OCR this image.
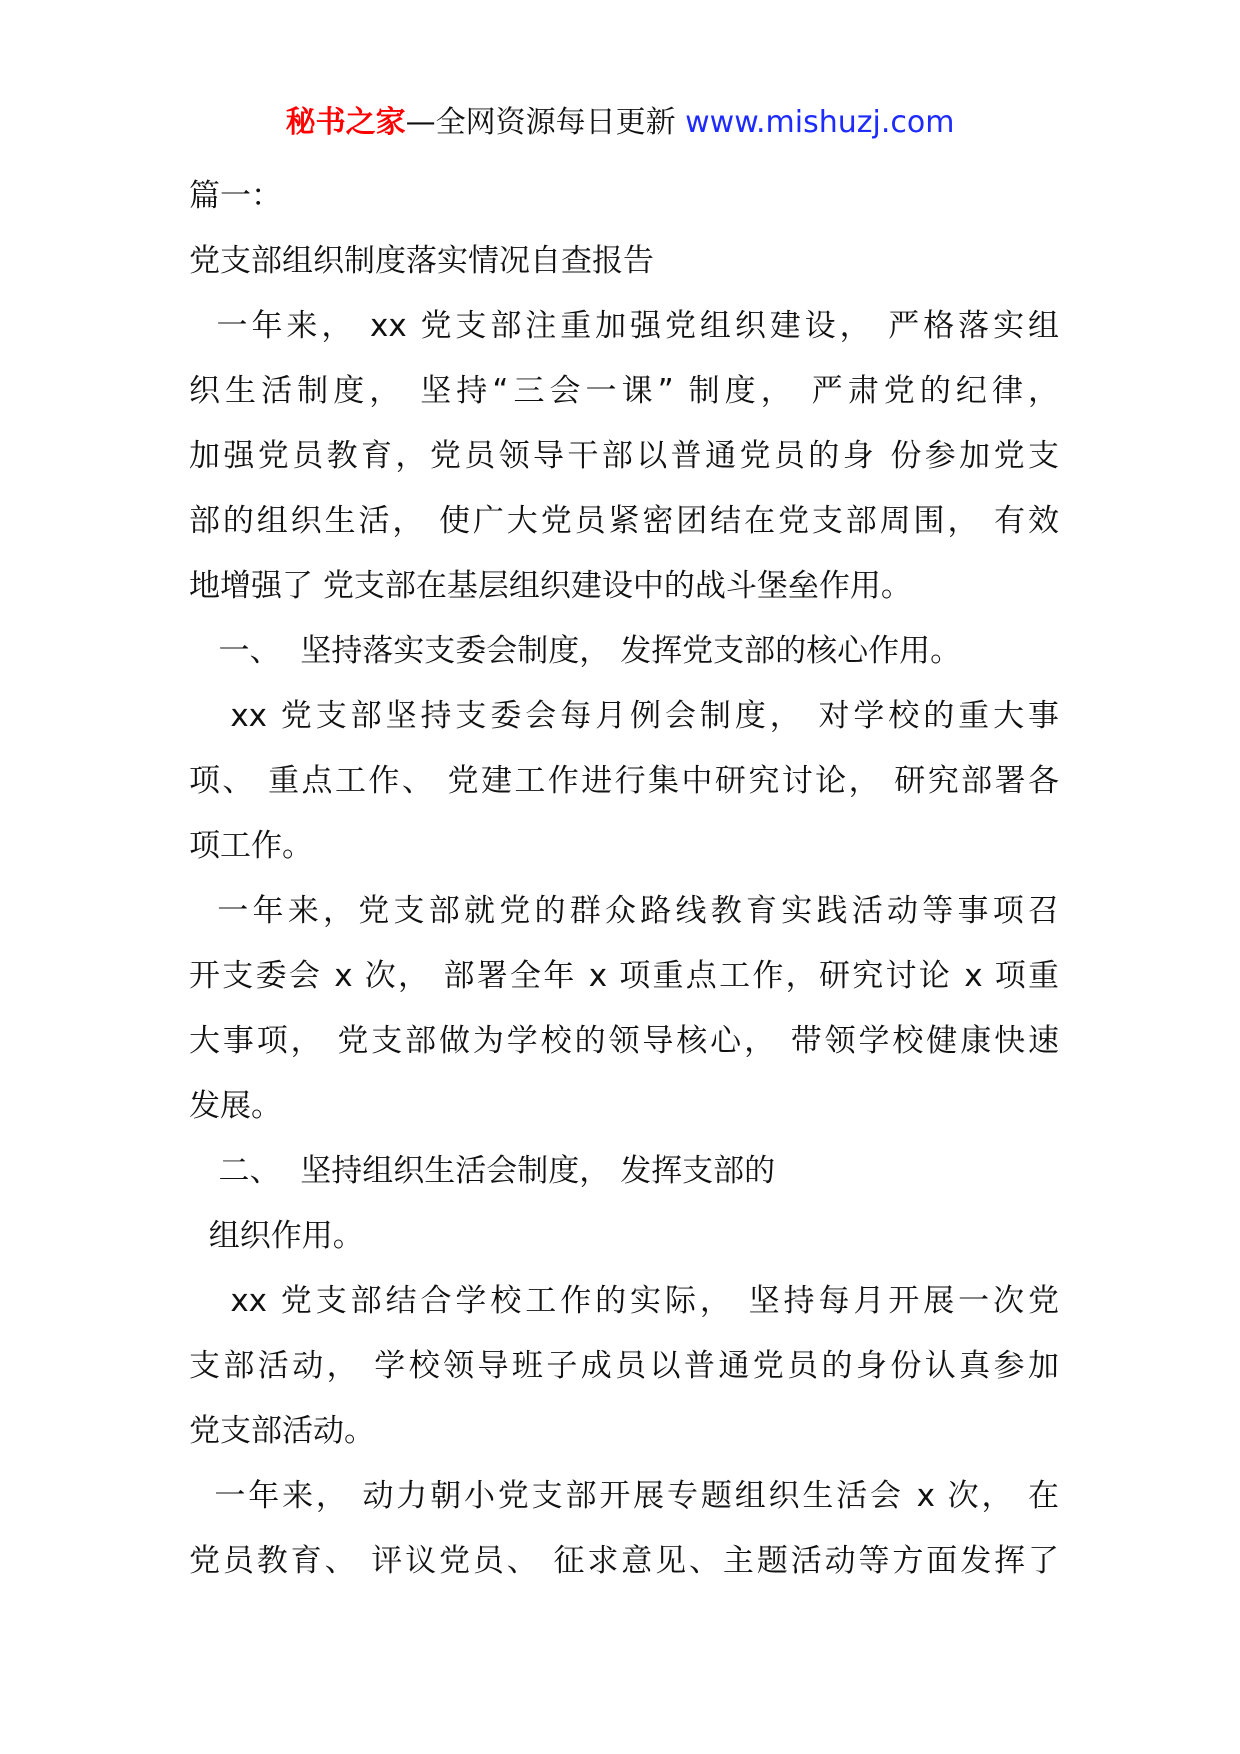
秘书之家—全网资源每日更新 www.mishuzj.com
篇一：
党支部组织制度落实情况自查报告
一年来， xx 党支部注重加强党组织建设， 严格落实组
织生活制度， 坚持“三会一课” 制度， 严肃党的纪律，
加强党员教育，党员领导干部以普通党员的身 份参加党支
部的组织生活， 使广大党员紧密团结在党支部周围， 有效
地增强了 党支部在基层组织建设中的战斗堡垒作用。
一、  坚持落实支委会制度， 发挥党支部的核心作用。
xx 党支部坚持支委会每月例会制度， 对学校的重大事
项、 重点工作、 党建工作进行集中研究讨论， 研究部署各
项工作。
一年来，党支部就党的群众路线教育实践活动等事项召
开支委会 x 次， 部署全年 x 项重点工作，研究讨论 x 项重
大事项， 党支部做为学校的领导核心， 带领学校健康快速
发展。
二、  坚持组织生活会制度， 发挥支部的
组织作用。
xx 党支部结合学校工作的实际， 坚持每月开展一次党
支部活动， 学校领导班子成员以普通党员的身份认真参加
党支部活动。
一年来， 动力朝小党支部开展专题组织生活会 x 次， 在
党员教育、 评议党员、 征求意见、主题活动等方面发挥了
